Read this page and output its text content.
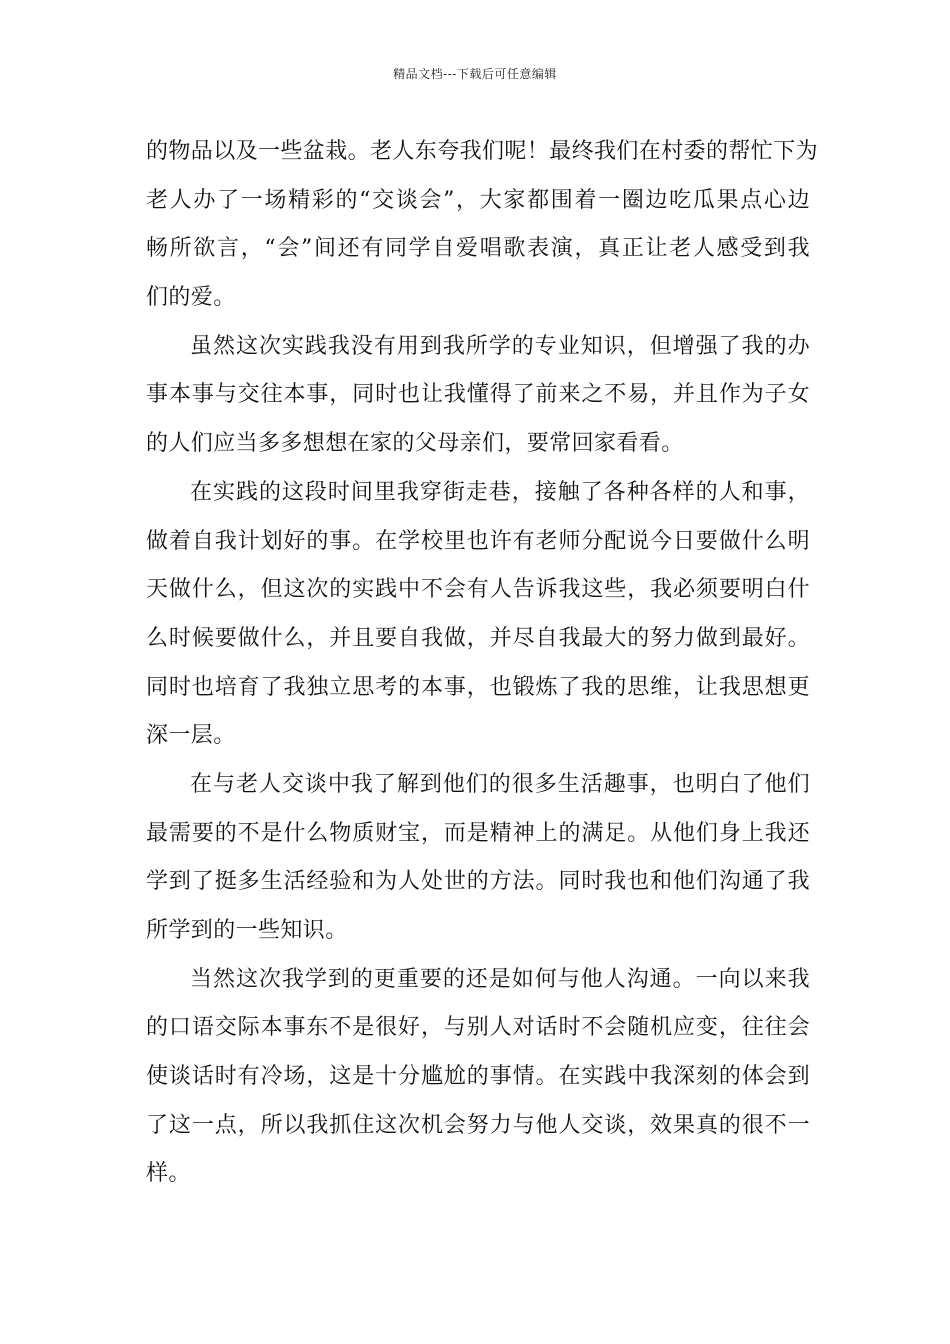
精品文档---下载后可任意编辑
的物品以及一些盆栽。老人东夸我们呢！最终我们在村委的帮忙下为
老人办了一场精彩的“交谈会”，大家都围着一圈边吃瓜果点心边
畅所欲言，“会”间还有同学自爱唱歌表演，真正让老人感受到我
们的爱。
虽然这次实践我没有用到我所学的专业知识，但增强了我的办
事本事与交往本事，同时也让我懂得了前来之不易，并且作为子女
的人们应当多多想想在家的父母亲们，要常回家看看。
在实践的这段时间里我穿街走巷，接触了各种各样的人和事，
做着自我计划好的事。在学校里也许有老师分配说今日要做什么明
天做什么，但这次的实践中不会有人告诉我这些，我必须要明白什
么时候要做什么，并且要自我做，并尽自我最大的努力做到最好。
同时也培育了我独立思考的本事，也锻炼了我的思维，让我思想更
深一层。
在与老人交谈中我了解到他们的很多生活趣事，也明白了他们
最需要的不是什么物质财宝，而是精神上的满足。从他们身上我还
学到了挺多生活经验和为人处世的方法。同时我也和他们沟通了我
所学到的一些知识。
当然这次我学到的更重要的还是如何与他人沟通。一向以来我
的口语交际本事东不是很好，与别人对话时不会随机应变，往往会
使谈话时有冷场，这是十分尴尬的事情。在实践中我深刻的体会到
了这一点，所以我抓住这次机会努力与他人交谈，效果真的很不一
样。
